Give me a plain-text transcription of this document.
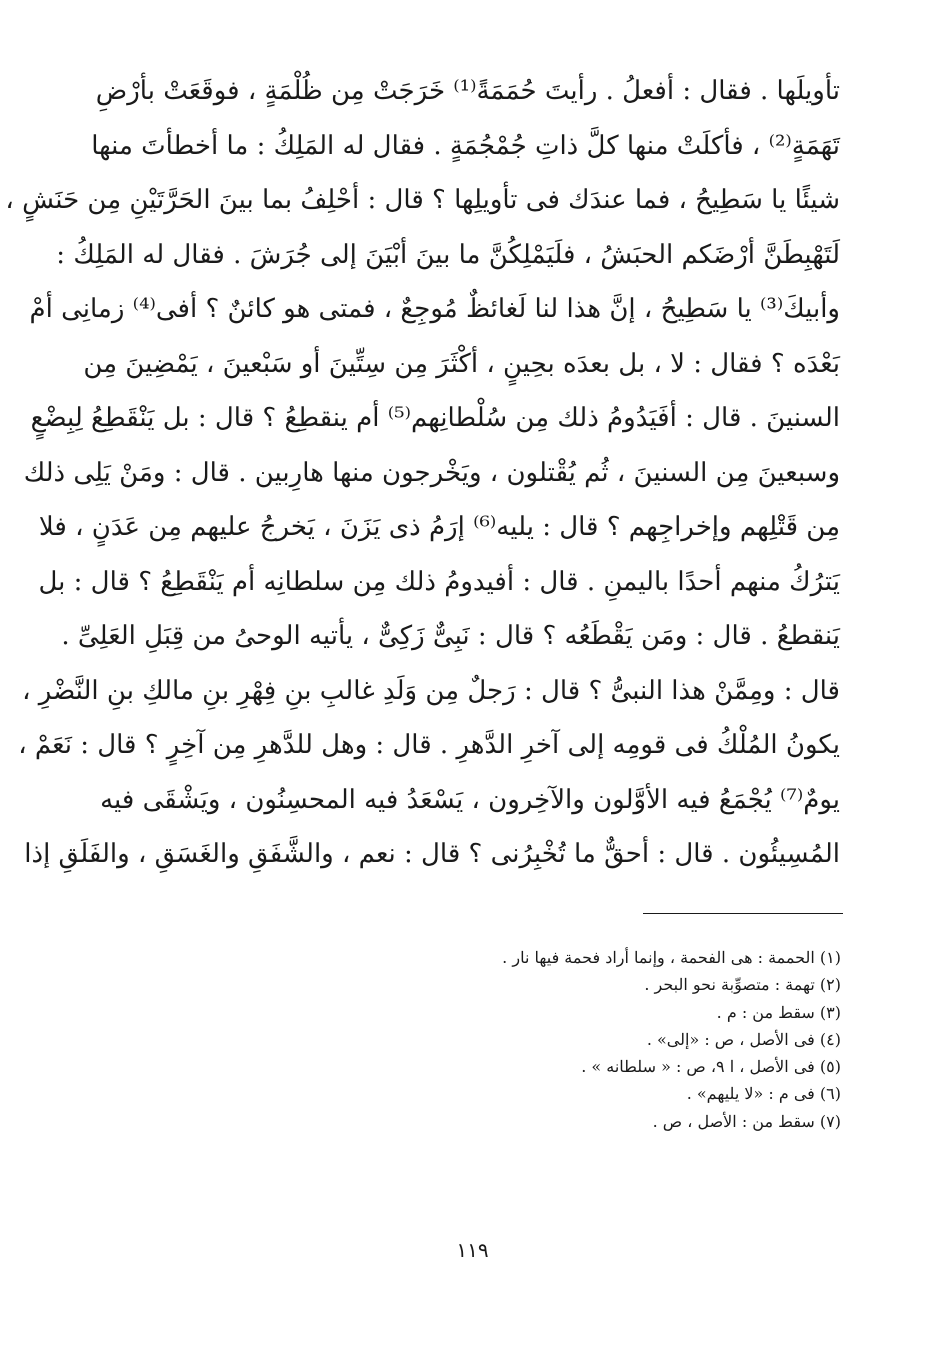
تأويلَها . فقال : أفعلُ . رأيتَ حُمَمَةً⁽¹⁾ خَرَجَتْ مِن ظُلْمَةٍ ، فوقَعَتْ بأرْضِ
تَهَمَةٍ⁽²⁾ ، فأكلَتْ منها كلَّ ذاتِ جُمْجُمَةٍ . فقال له المَلِكُ : ما أخطأتَ منها
شيئًا يا سَطِيحُ ، فما عندَك فى تأويلِها ؟ قال : أحْلِفُ بما بينَ الحَرَّتَيْنِ مِن حَنَشٍ ،
لَتَهْبِطَنَّ أرْضَكم الحبَشُ ، فلَيَمْلِكُنَّ ما بينَ أبْيَنَ إلى جُرَشَ . فقال له المَلِكُ :
وأبيكَ⁽³⁾ يا سَطِيحُ ، إنَّ هذا لنا لَغائظٌ مُوجِعٌ ، فمتى هو كائنٌ ؟ أفى⁽⁴⁾ زمانِى أمْ
بَعْدَه ؟ فقال : لا ، بل بعدَه بحِينٍ ، أكْثَرَ مِن سِتِّينَ أو سَبْعينَ ، يَمْضِينَ مِن
السنينَ . قال : أفَيَدُومُ ذلك مِن سُلْطانِهم⁽⁵⁾ أم ينقطِعُ ؟ قال : بل يَنْقَطِعُ لِبِضْعٍ
وسبعينَ مِن السنينَ ، ثُم يُقْتلون ، ويَخْرجون منها هارِبين . قال : ومَنْ يَلِى ذلك
مِن قَتْلِهم وإخراجِهم ؟ قال : يليه⁽⁶⁾ إرَمُ ذى يَزَنَ ، يَخرجُ عليهم مِن عَدَنٍ ، فلا
يَترُكُ منهم أحدًا باليمنِ . قال : أفيدومُ ذلك مِن سلطانِه أم يَنْقَطِعُ ؟ قال : بل
يَنقطعُ . قال : ومَن يَقْطَعُه ؟ قال : نَبِىٌّ زَكِىٌّ ، يأتيه الوحىُ من قِبَلِ العَلِىِّ .
قال : ومِمَّنْ هذا النبىُّ ؟ قال : رَجلٌ مِن وَلَدِ غالبِ بنِ فِهْرِ بنِ مالكِ بنِ النَّضْرِ ،
يكونُ المُلْكُ فى قومِه إلى آخرِ الدَّهرِ . قال : وهل للدَّهرِ مِن آخِرٍ ؟ قال : نَعَمْ ،
يومٌ⁽⁷⁾ يُجْمَعُ فيه الأوَّلون والآخِرون ، يَسْعَدُ فيه المحسِنُون ، ويَشْقَى فيه
المُسِيئُون . قال : أحقٌّ ما تُخْبِرُنى ؟ قال : نعم ، والشَّفَقِ والغَسَقِ ، والفَلَقِ إذا
(١) الحممة : هى الفحمة ، وإنما أراد فحمة فيها نار .
(٢) تهمة : متصوِّبة نحو البحر .
(٣) سقط من : م .
(٤) فى الأصل ، ص : «إلى» .
(٥) فى الأصل ، ا ٩، ص : « سلطانه » .
(٦) فى م : «لا يليهم» .
(٧) سقط من : الأصل ، ص .
١١٩
